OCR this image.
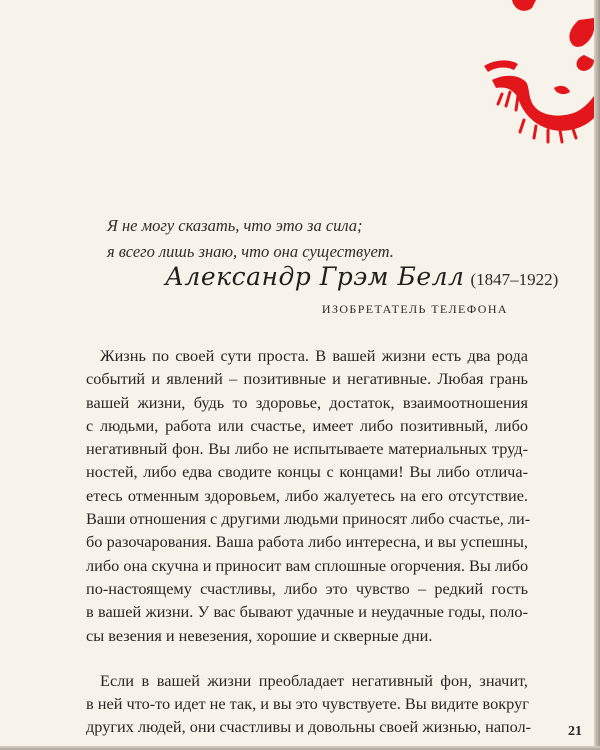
Я не могу сказать, что это за сила;

я всего лишь знаю, что она существует.

Александр Грэм Белл (1847–1922)
ИЗОБРЕТАТЕЛЬ ТЕЛЕФОНА
Жизнь по своей сути проста. В вашей жизни есть два рода
событий и явлений – позитивные и негативные. Любая грань
вашей жизни, будь то здоровье, достаток, взаимоотношения
с людьми, работа или счастье, имеет либо позитивный, либо
негативный фон. Вы либо не испытываете материальных труд-
ностей, либо едва сводите концы с концами! Вы либо отлича-
етесь отменным здоровьем, либо жалуетесь на его отсутствие.
Ваши отношения с другими людьми приносят либо счастье, ли-
бо разочарования. Ваша работа либо интересна, и вы успешны,
либо она скучна и приносит вам сплошные огорчения. Вы либо
по-настоящему счастливы, либо это чувство – редкий гость
в вашей жизни. У вас бывают удачные и неудачные годы, поло-
сы везения и невезения, хорошие и скверные дни.
Если в вашей жизни преобладает негативный фон, значит,
в ней что-то идет не так, и вы это чувствуете. Вы видите вокруг
других людей, они счастливы и довольны своей жизнью, напол-	21
